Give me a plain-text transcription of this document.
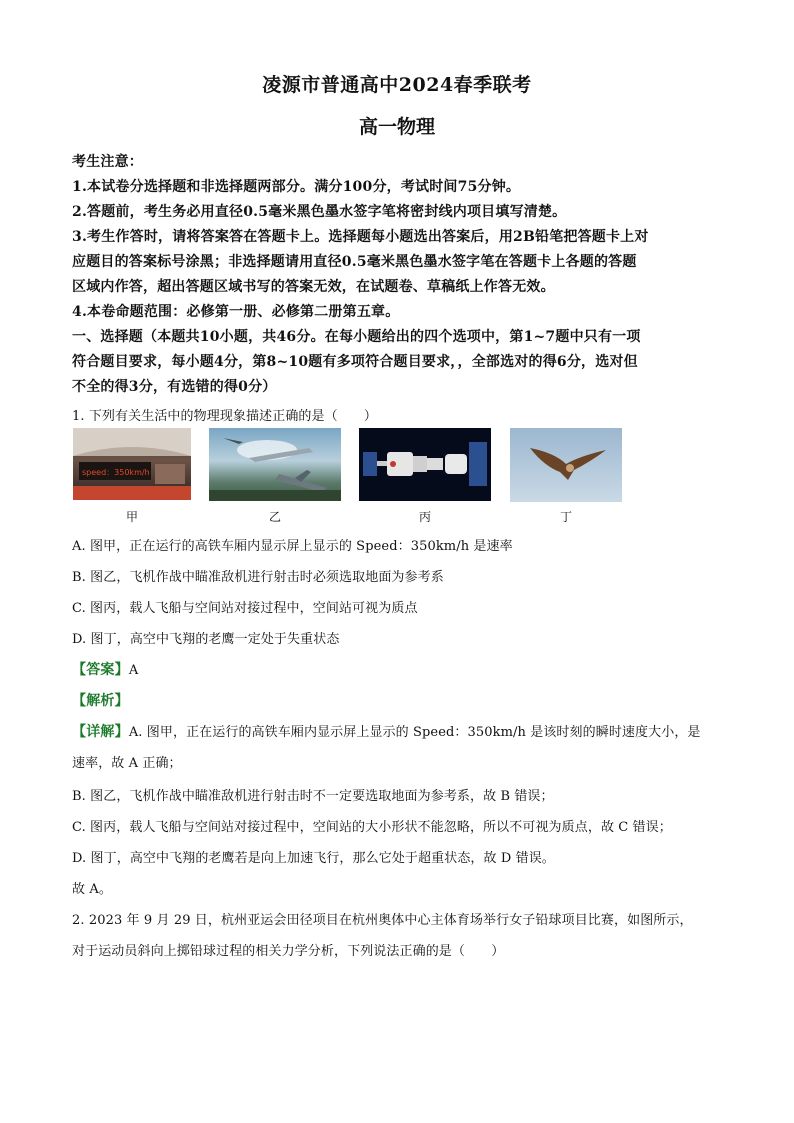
凌源市普通高中2024春季联考
高一物理
考生注意：
1.本试卷分选择题和非选择题两部分。满分100分，考试时间75分钟。
2.答题前，考生务必用直径0.5毫米黑色墨水签字笔将密封线内项目填写清楚。
3.考生作答时，请将答案答在答题卡上。选择题每小题选出答案后，用2B铅笔把答题卡上对
应题目的答案标号涂黑；非选择题请用直径0.5毫米黑色墨水签字笔在答题卡上各题的答题
区域内作答，超出答题区域书写的答案无效，在试题卷、草稿纸上作答无效。
4.本卷命题范围：必修第一册、必修第二册第五章。
一、选择题（本题共10小题，共46分。在每小题给出的四个选项中，第1~7题中只有一项
符合题目要求，每小题4分，第8~10题有多项符合题目要求，，全部选对的得6分，选对但
不全的得3分，有选错的得0分）
1. 下列有关生活中的物理现象描述正确的是（　　）
speed：350km/h
甲	乙	丙	丁
A. 图甲，正在运行的高铁车厢内显示屏上显示的 Speed：350km/h 是速率
B. 图乙，飞机作战中瞄准敌机进行射击时必须选取地面为参考系
C. 图丙，载人飞船与空间站对接过程中，空间站可视为质点
D. 图丁，高空中飞翔的老鹰一定处于失重状态
【答案】A
【解析】
【详解】A. 图甲，正在运行的高铁车厢内显示屏上显示的 Speed：350km/h 是该时刻的瞬时速度大小，是
速率，故 A 正确；
B. 图乙，飞机作战中瞄准敌机进行射击时不一定要选取地面为参考系，故 B 错误；
C. 图丙，载人飞船与空间站对接过程中，空间站的大小形状不能忽略，所以不可视为质点，故 C 错误；
D. 图丁，高空中飞翔的老鹰若是向上加速飞行，那么它处于超重状态，故 D 错误。
故 A。
2. 2023 年 9 月 29 日，杭州亚运会田径项目在杭州奥体中心主体育场举行女子铅球项目比赛，如图所示，
对于运动员斜向上掷铅球过程的相关力学分析，下列说法正确的是（　　）
